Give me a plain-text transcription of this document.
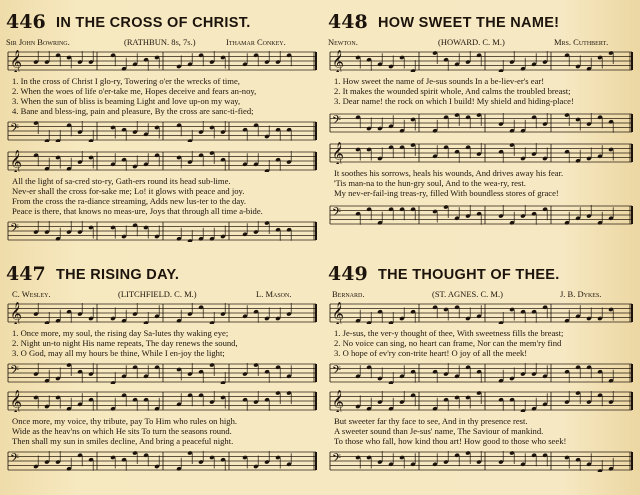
446 IN THE CROSS OF CHRIST.
Sir John Bowring.	(RATHBUN. 8s, 7s.)	Ithamar Conkey.
𝄞
1. In the cross of Christ I glo-ry, Towering o'er the wrecks of time,
2. When the woes of life o'er-take me, Hopes deceive and fears an-noy,
3. When the sun of bliss is beaming Light and love up-on my way,
4. Bane and bless-ing, pain and pleasure, By the cross are sanc-ti-fied;
𝄢
𝄞
All the light of sa-cred sto-ry, Gath-ers round its head sub-lime.
Nev-er shall the cross for-sake me; Lo! it glows with peace and joy.
From the cross the ra-diance streaming, Adds new lus-ter to the day.
Peace is there, that knows no meas-ure, Joys that through all time a-bide.
𝄢
448 HOW SWEET THE NAME!
Newton.	(HOWARD. C. M.)	Mrs. Cuthbert.
𝄞
1. How sweet the name of Je-sus sounds In a be-liev-er's ear!
2. It makes the wounded spirit whole, And calms the troubled breast;
3. Dear name! the rock on which I build! My shield and hiding-place!
𝄢
𝄞
It soothes his sorrows, heals his wounds, And drives away his fear.
'Tis man-na to the hun-gry soul, And to the wea-ry, rest.
My nev-er-fail-ing treas-ry, filled With boundless stores of grace!
𝄢
447 THE RISING DAY.
C. Wesley.	(LITCHFIELD. C. M.)	L. Mason.
𝄞
1. Once more, my soul, the rising day Sa-lutes thy waking eye;
2. Night un-to night His name repeats, The day renews the sound,
3. O God, may all my hours be thine, While I en-joy the light;
𝄢
𝄞
Once more, my voice, thy tribute, pay To Him who rules on high.
Wide as the heav'ns on which He sits To turn the seasons round.
Then shall my sun in smiles decline, And bring a peaceful night.
𝄢
449 THE THOUGHT OF THEE.
Bernard.	(ST. AGNES. C. M.)	J. B. Dykes.
𝄞
1. Je-sus, the ver-y thought of thee, With sweetness fills the breast;
2. No voice can sing, no heart can frame, Nor can the mem'ry find
3. O hope of ev'ry con-trite heart! O joy of all the meek!
𝄢
𝄞
But sweeter far thy face to see, And in thy presence rest.
A sweeter sound than Je-sus' name, The Saviour of mankind.
To those who fall, how kind thou art! How good to those who seek!
𝄢
